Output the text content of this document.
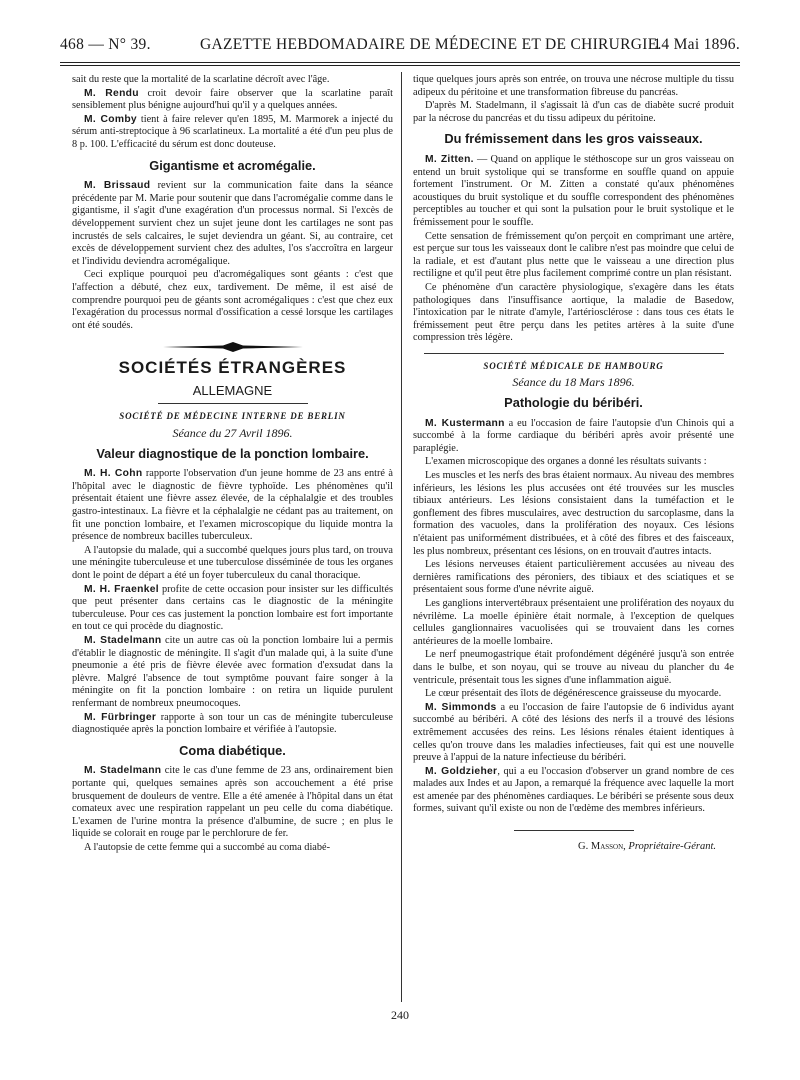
468 — N° 39.	GAZETTE HEBDOMADAIRE DE MÉDECINE ET DE CHIRURGIE.
14 Mai 1896.

sait du reste que la mortalité de la scarlatine décroît avec l'âge.

M. Rendu croit devoir faire observer que la scarlatine paraît sensiblement plus bénigne aujourd'hui qu'il y a quelques années.

M. Comby tient à faire relever qu'en 1895, M. Marmorek a injecté du sérum anti-streptocique à 96 scarlatineux. La mortalité a été d'un peu plus de 8 p. 100. L'efficacité du sérum est donc douteuse.

Gigantisme et acromégalie.

M. Brissaud revient sur la communication faite dans la séance précédente par M. Marie pour soutenir que dans l'acromégalie comme dans le gigantisme, il s'agit d'une exagération d'un processus normal. Si l'excès de développement survient chez un sujet jeune dont les cartilages ne sont pas incrustés de sels calcaires, le sujet deviendra un géant. Si, au contraire, cet excès de développement survient chez des adultes, l'os s'accroîtra en largeur et l'individu deviendra acromégalique.

Ceci explique pourquoi peu d'acromégaliques sont géants : c'est que l'affection a débuté, chez eux, tardivement. De même, il est aisé de comprendre pourquoi peu de géants sont acromégaliques : c'est que chez eux l'exagération du processus normal d'ossification a cessé lorsque les cartilages ont été soudés.

SOCIÉTÉS ÉTRANGÈRES
ALLEMAGNE
SOCIÉTÉ DE MÉDECINE INTERNE DE BERLIN
Séance du 27 Avril 1896.
Valeur diagnostique de la ponction lombaire.

M. H. Cohn rapporte l'observation d'un jeune homme de 23 ans entré à l'hôpital avec le diagnostic de fièvre typhoïde. Les phénomènes qu'il présentait étaient une fièvre assez élevée, de la céphalalgie et des troubles gastro-intestinaux. La fièvre et la céphalalgie ne cédant pas au traitement, on fit une ponction lombaire, et l'examen microscopique du liquide montra la présence de nombreux bacilles tuberculeux.

A l'autopsie du malade, qui a succombé quelques jours plus tard, on trouva une méningite tuberculeuse et une tuberculose disséminée de tous les organes dont le point de départ a été un foyer tuberculeux du canal thoracique.

M. H. Fraenkel profite de cette occasion pour insister sur les difficultés que peut présenter dans certains cas le diagnostic de la méningite tuberculeuse. Pour ces cas justement la ponction lombaire est fort importante en tout ce qui procède du diagnostic.

M. Stadelmann cite un autre cas où la ponction lombaire lui a permis d'établir le diagnostic de méningite. Il s'agit d'un malade qui, à la suite d'une pneumonie a été pris de fièvre élevée avec formation d'exsudat dans la plèvre. Malgré l'absence de tout symptôme pouvant faire songer à la méningite on fit la ponction lombaire : on retira un liquide purulent renfermant de nombreux pneumocoques.

M. Fürbringer rapporte à son tour un cas de méningite tuberculeuse diagnostiquée après la ponction lombaire et vérifiée à l'autopsie.

Coma diabétique.

M. Stadelmann cite le cas d'une femme de 23 ans, ordinairement bien portante qui, quelques semaines après son accouchement a été prise brusquement de douleurs de ventre. Elle a été amenée à l'hôpital dans un état comateux avec une respiration rappelant un peu celle du coma diabétique. L'examen de l'urine montra la présence d'albumine, de sucre ; en plus le liquide se colorait en rouge par le perchlorure de fer.

A l'autopsie de cette femme qui a succombé au coma diabé-

tique quelques jours après son entrée, on trouva une nécrose multiple du tissu adipeux du péritoine et une transformation fibreuse du pancréas.

D'après M. Stadelmann, il s'agissait là d'un cas de diabète sucré produit par la nécrose du pancréas et du tissu adipeux du péritoine.

Du frémissement dans les gros vaisseaux.

M. Zitten. — Quand on applique le stéthoscope sur un gros vaisseau on entend un bruit systolique qui se transforme en souffle quand on appuie fortement l'instrument. Or M. Zitten a constaté qu'aux phénomènes acoustiques du bruit systolique et du souffle correspondent des phénomènes perceptibles au toucher et qui sont la pulsation pour le bruit systolique et le frémissement pour le souffle.

Cette sensation de frémissement qu'on perçoit en comprimant une artère, est perçue sur tous les vaisseaux dont le calibre n'est pas moindre que celui de la radiale, et est d'autant plus nette que le vaisseau a une direction plus rectiligne et qu'il peut être plus facilement comprimé contre un plan résistant.

Ce phénomène d'un caractère physiologique, s'exagère dans les états pathologiques dans l'insuffisance aortique, la maladie de Basedow, l'intoxication par le nitrate d'amyle, l'artériosclérose : dans tous ces états le frémissement peut être perçu dans les petites artères à la suite d'une compression très légère.

SOCIÉTÉ MÉDICALE DE HAMBOURG
Séance du 18 Mars 1896.
Pathologie du béribéri.

M. Kustermann a eu l'occasion de faire l'autopsie d'un Chinois qui a succombé à la forme cardiaque du béribéri après avoir présenté une paraplégie.

L'examen microscopique des organes a donné les résultats suivants :

Les muscles et les nerfs des bras étaient normaux. Au niveau des membres inférieurs, les lésions les plus accusées ont été trouvées sur les muscles tibiaux antérieurs. Les lésions consistaient dans la tuméfaction et le gonflement des fibres musculaires, avec destruction du sarcoplasme, dans la formation des vacuoles, dans la prolifération des noyaux. Ces lésions n'étaient pas uniformément distribuées, et à côté des fibres et des faisceaux, les plus nombreux, présentant ces lésions, on en trouvait d'autres intacts.

Les lésions nerveuses étaient particulièrement accusées au niveau des dernières ramifications des péroniers, des tibiaux et des sciatiques et se présentaient sous forme d'une névrite aiguë.

Les ganglions intervertébraux présentaient une prolifération des noyaux du névrilème. La moelle épinière était normale, à l'exception de quelques cellules ganglionnaires vacuolisées qui se trouvaient dans les cornes antérieures de la moelle lombaire.

Le nerf pneumogastrique était profondément dégénéré jusqu'à son entrée dans le bulbe, et son noyau, qui se trouve au niveau du plancher du 4e ventricule, présentait tous les signes d'une inflammation aiguë.

Le cœur présentait des îlots de dégénérescence graisseuse du myocarde.

M. Simmonds a eu l'occasion de faire l'autopsie de 6 individus ayant succombé au béribéri. A côté des lésions des nerfs il a trouvé des lésions extrêmement accusées des reins. Les lésions rénales étaient identiques à celles qu'on trouve dans les maladies infectieuses, fait qui est une nouvelle preuve à l'appui de la nature infectieuse du béribéri.

M. Goldzieher, qui a eu l'occasion d'observer un grand nombre de ces malades aux Indes et au Japon, a remarqué la fréquence avec laquelle la mort est amenée par des phénomènes cardiaques. Le béribéri se présente sous deux formes, suivant qu'il existe ou non de l'œdème des membres inférieurs.

G. Masson, Propriétaire-Gérant.
240
